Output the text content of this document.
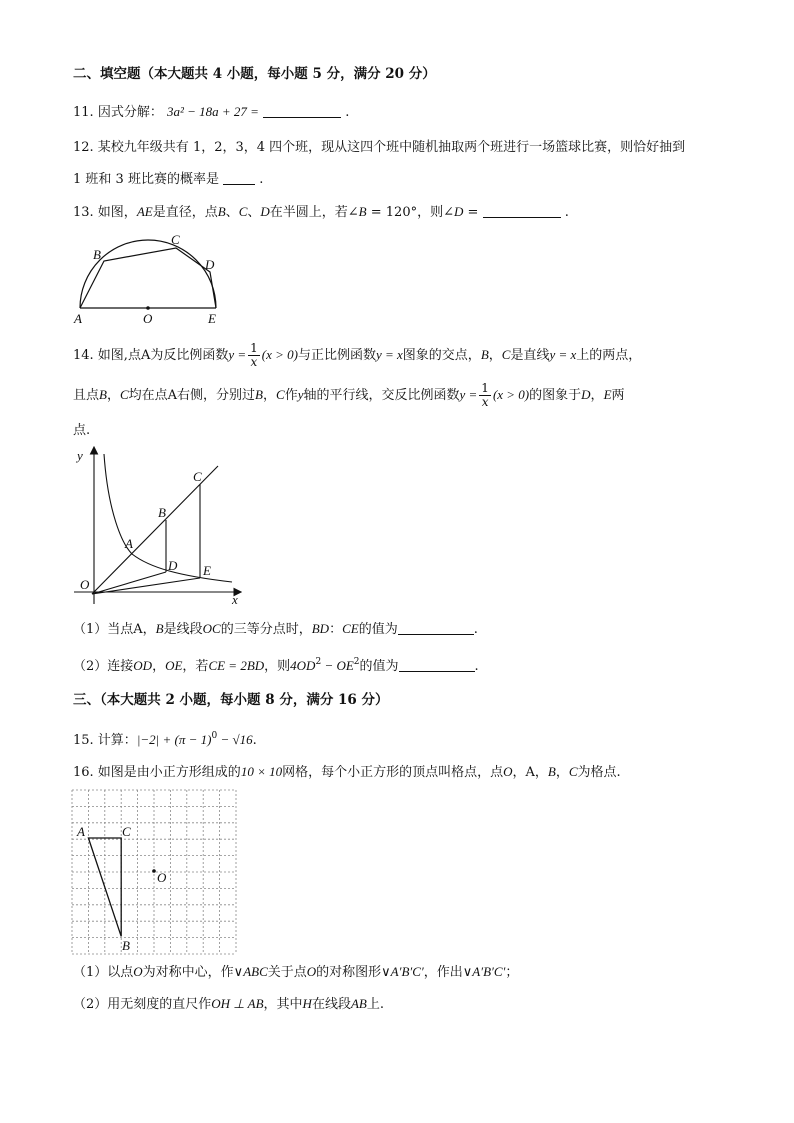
二、填空题（本大题共 4 小题，每小题 5 分，满分 20 分）
11. 因式分解： 3a² − 18a + 27 =	.
12. 某校九年级共有 1，2，3，4 四个班，现从这四个班中随机抽取两个班进行一场篮球比赛，则恰好抽到
1 班和 3 班比赛的概率是	.
13. 如图，AE是直径，点B、C、D在半圆上，若∠B = 120°，则∠D =	.
A	O	E
B
C
D
14. 如图,点A为反比例函数$y = \frac{1}{x} (x > 0)$与正比例函数y = x图象的交点，B，C是直线y = x上的两点，
且点B，C均在点A右侧，分别过B，C作y轴的平行线，交反比例函数$y = \frac{1}{x} (x > 0)$的图象于D，E两
点.
y
x
O
A
B
C
D E
（1）当点A，B是线段OC的三等分点时，BD：CE的值为	.
（2）连接OD，OE，若CE = 2BD，则$4OD^2 - OE^2$的值为	.
三、（本大题共 2 小题，每小题 8 分，满分 16 分）
15. 计算：$|-2| + (\pi - 1)^0 - √16$.
16. 如图是由小正方形组成的10 × 10网格，每个小正方形的顶点叫格点，点O，A，B，C为格点.
A	C
O
B
（1）以点O为对称中心，作∨ABC关于点O的对称图形∨A′B′C′，作出∨A′B′C′；
（2）用无刻度的直尺作OH ⊥ AB，其中H在线段AB上.
